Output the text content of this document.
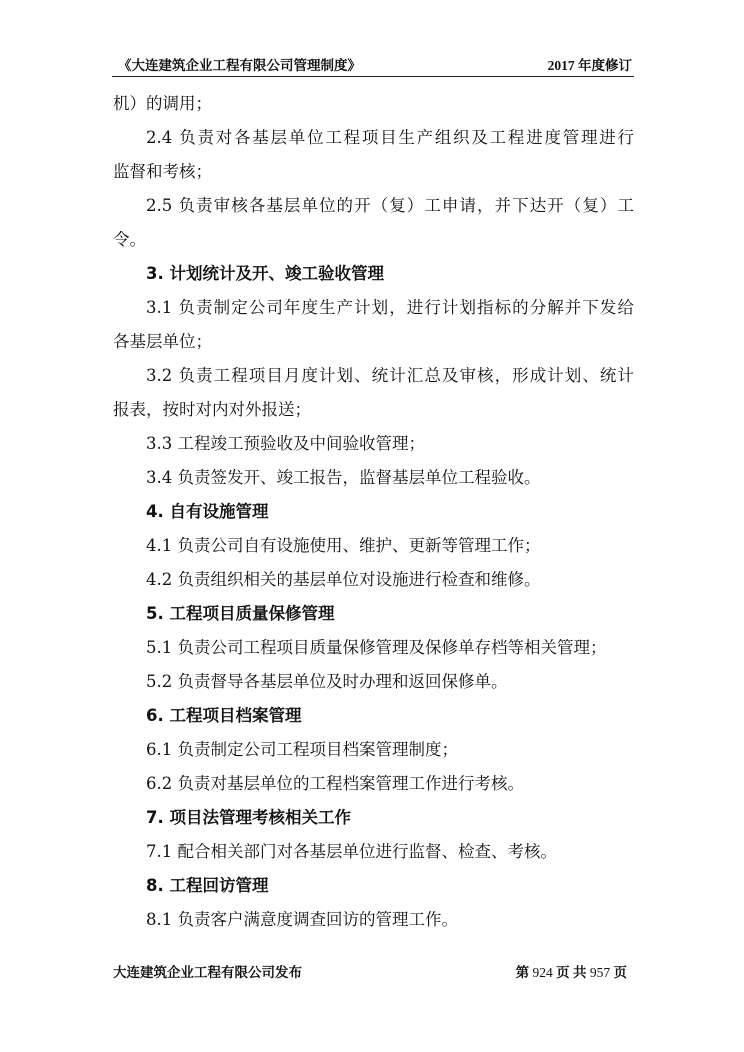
《大连建筑企业工程有限公司管理制度》	2017 年度修订
机）的调用；
2.4 负责对各基层单位工程项目生产组织及工程进度管理进行
监督和考核；
2.5 负责审核各基层单位的开（复）工申请，并下达开（复）工
令。
3. 计划统计及开、竣工验收管理
3.1 负责制定公司年度生产计划，进行计划指标的分解并下发给
各基层单位；
3.2 负责工程项目月度计划、统计汇总及审核，形成计划、统计
报表，按时对内对外报送；
3.3 工程竣工预验收及中间验收管理；
3.4 负责签发开、竣工报告，监督基层单位工程验收。
4. 自有设施管理
4.1 负责公司自有设施使用、维护、更新等管理工作；
4.2 负责组织相关的基层单位对设施进行检查和维修。
5. 工程项目质量保修管理
5.1 负责公司工程项目质量保修管理及保修单存档等相关管理；
5.2 负责督导各基层单位及时办理和返回保修单。
6. 工程项目档案管理
6.1 负责制定公司工程项目档案管理制度；
6.2 负责对基层单位的工程档案管理工作进行考核。
7. 项目法管理考核相关工作
7.1 配合相关部门对各基层单位进行监督、检查、考核。
8. 工程回访管理
8.1 负责客户满意度调查回访的管理工作。
大连建筑企业工程有限公司发布	第 924 页 共 957 页
